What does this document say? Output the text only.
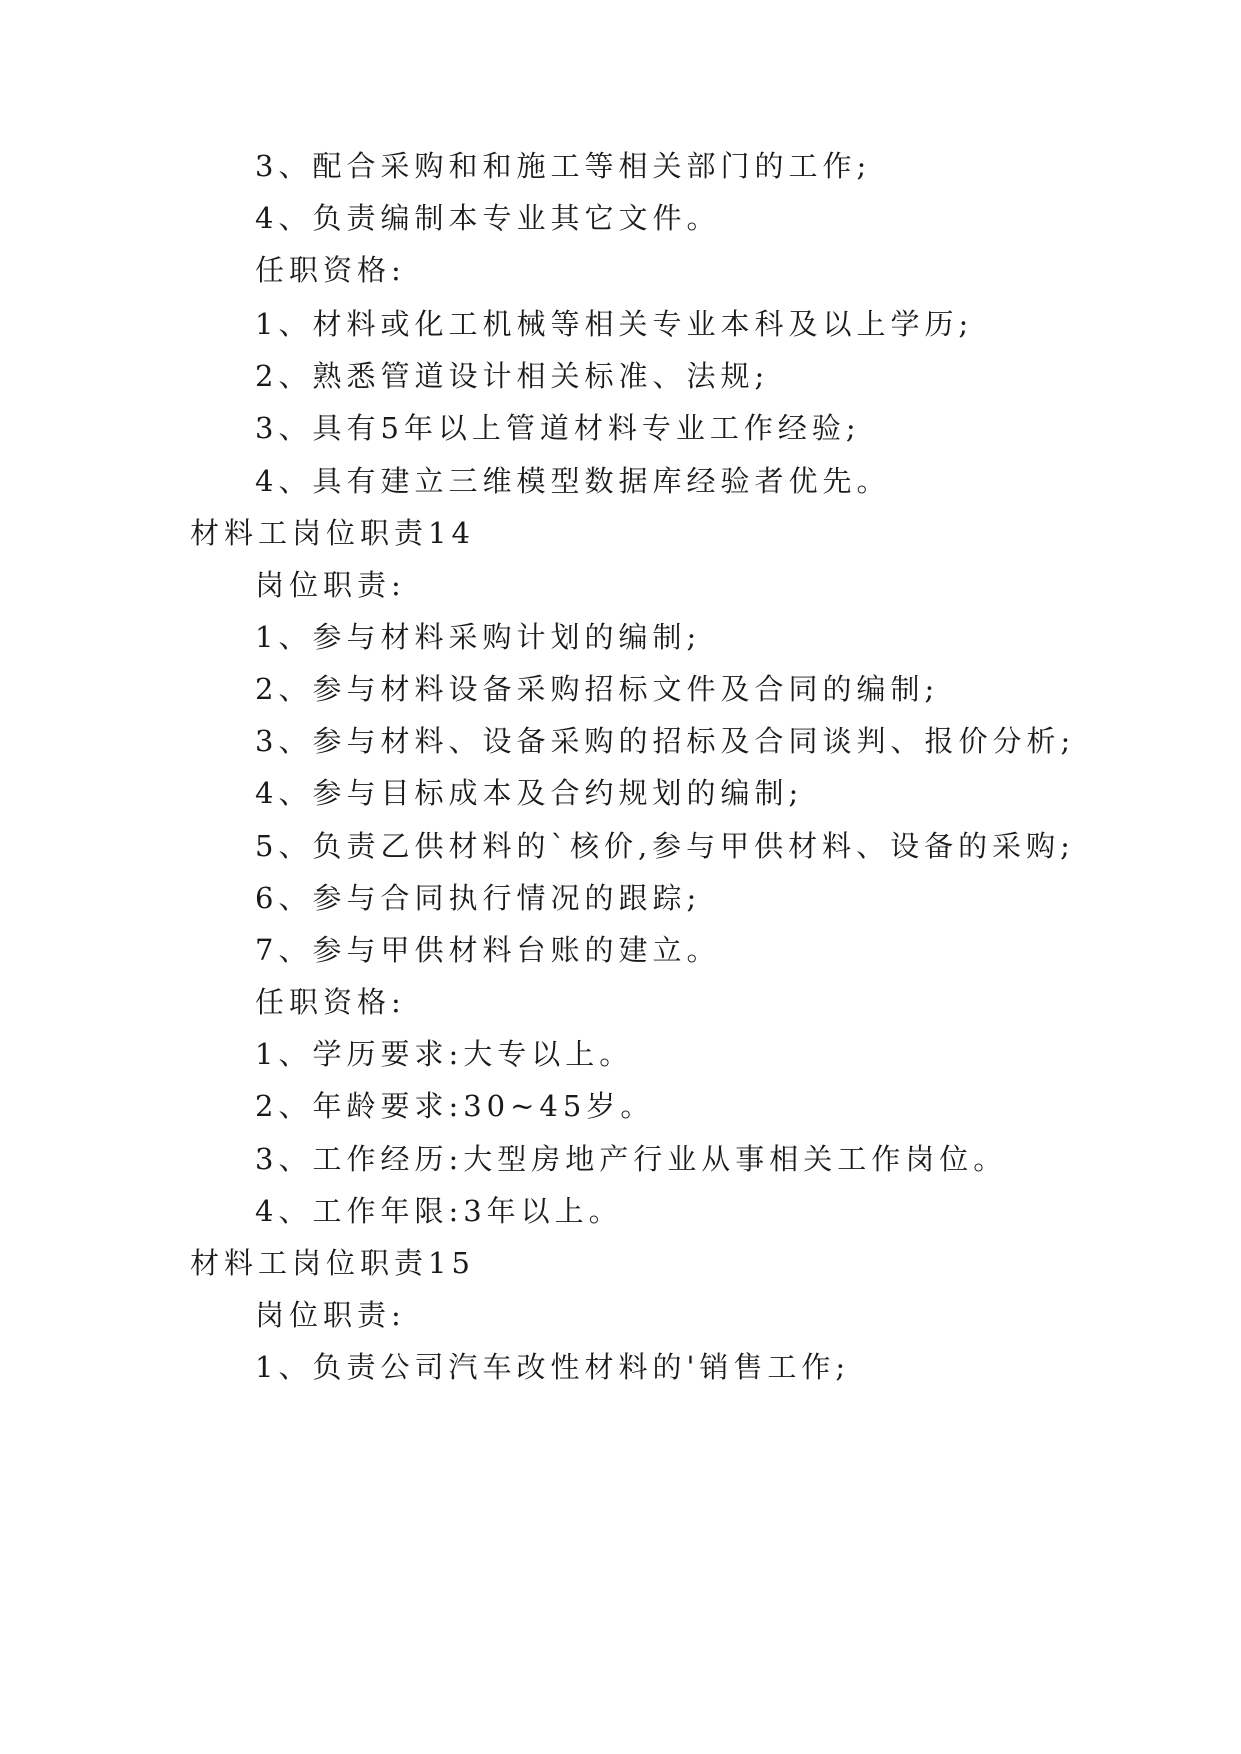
3、配合采购和和施工等相关部门的工作;
4、负责编制本专业其它文件。
任职资格:
1、材料或化工机械等相关专业本科及以上学历;
2、熟悉管道设计相关标准、法规;
3、具有5年以上管道材料专业工作经验;
4、具有建立三维模型数据库经验者优先。
材料工岗位职责14
岗位职责:
1、参与材料采购计划的编制;
2、参与材料设备采购招标文件及合同的编制;
3、参与材料、设备采购的招标及合同谈判、报价分析;
4、参与目标成本及合约规划的编制;
5、负责乙供材料的`核价,参与甲供材料、设备的采购;
6、参与合同执行情况的跟踪;
7、参与甲供材料台账的建立。
任职资格:
1、学历要求:大专以上。
2、年龄要求:30~45岁。
3、工作经历:大型房地产行业从事相关工作岗位。
4、工作年限:3年以上。
材料工岗位职责15
岗位职责:
1、负责公司汽车改性材料的'销售工作;
